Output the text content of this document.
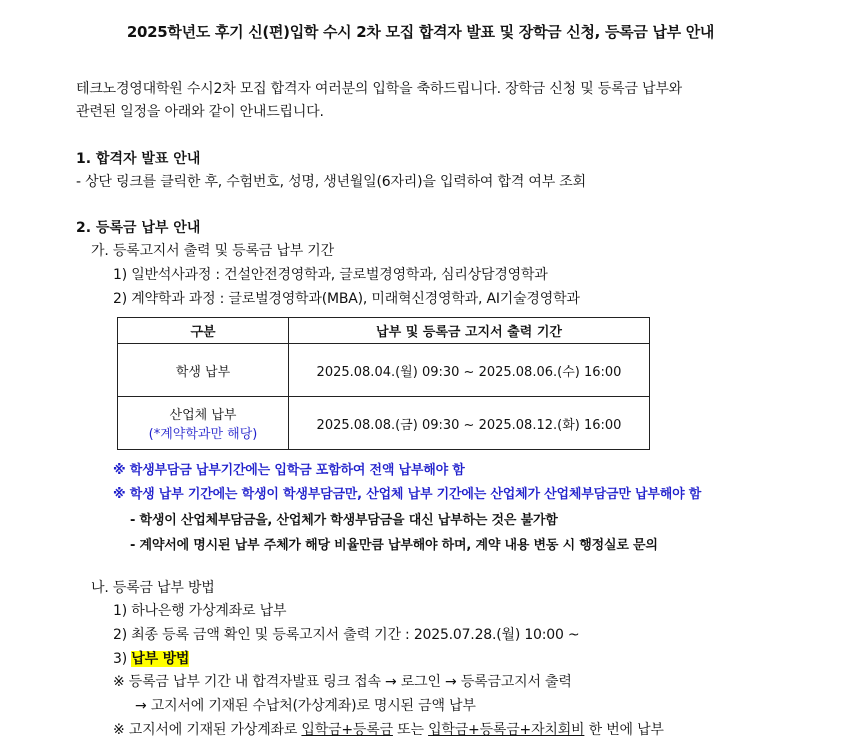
2025학년도 후기 신(편)입학 수시 2차 모집 합격자 발표 및 장학금 신청, 등록금 납부 안내
테크노경영대학원 수시2차 모집 합격자 여러분의 입학을 축하드립니다. 장학금 신청 및 등록금 납부와
관련된 일정을 아래와 같이 안내드립니다.
1. 합격자 발표 안내
- 상단 링크를 클릭한 후, 수험번호, 성명, 생년월일(6자리)을 입력하여 합격 여부 조회
2. 등록금 납부 안내
가. 등록고지서 출력 및 등록금 납부 기간
1) 일반석사과정 : 건설안전경영학과, 글로벌경영학과, 심리상담경영학과
2) 계약학과 과정 : 글로벌경영학과(MBA), 미래혁신경영학과, AI기술경영학과
구분	납부 및 등록금 고지서 출력 기간
학생 납부	2025.08.04.(월) 09:30 ~ 2025.08.06.(수) 16:00

산업체 납부
(*계약학과만 해당)	2025.08.08.(금) 09:30 ~ 2025.08.12.(화) 16:00
※ 학생부담금 납부기간에는 입학금 포함하여 전액 납부해야 함
※ 학생 납부 기간에는 학생이 학생부담금만, 산업체 납부 기간에는 산업체가 산업체부담금만 납부해야 함
- 학생이 산업체부담금을, 산업체가 학생부담금을 대신 납부하는 것은 불가함
- 계약서에 명시된 납부 주체가 해당 비율만큼 납부해야 하며, 계약 내용 변동 시 행정실로 문의
나. 등록금 납부 방법
1) 하나은행 가상계좌로 납부
2) 최종 등록 금액 확인 및 등록고지서 출력 기간 : 2025.07.28.(월) 10:00 ~
3) 납부 방법
※ 등록금 납부 기간 내 합격자발표 링크 접속 → 로그인 → 등록금고지서 출력
→ 고지서에 기재된 수납처(가상계좌)로 명시된 금액 납부
※ 고지서에 기재된 가상계좌로 입학금+등록금 또는 입학금+등록금+자치회비 한 번에 납부
